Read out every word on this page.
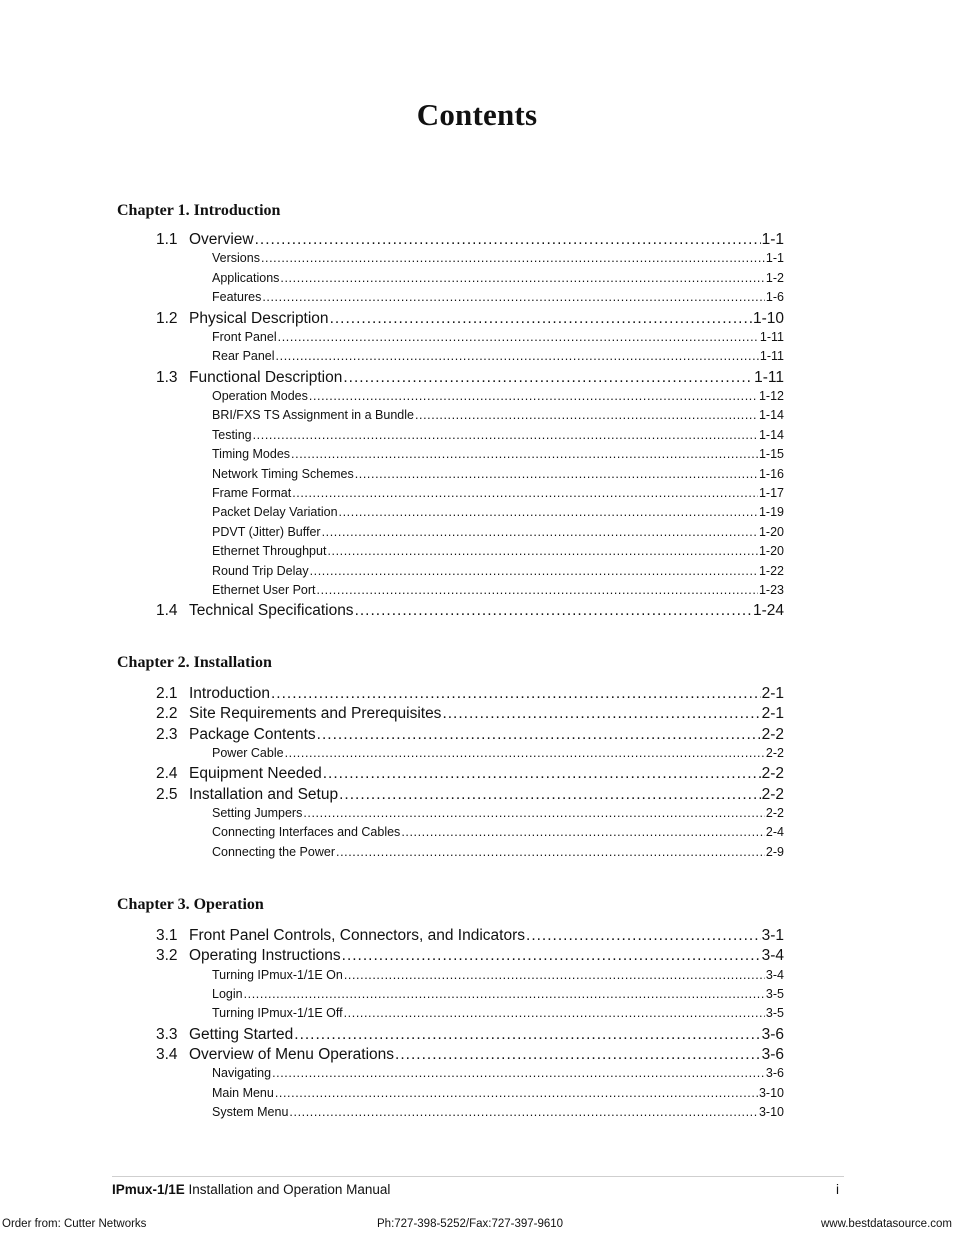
Contents
Chapter 1. Introduction
1.1 Overview .....	1-1
Versions .....	1-1
Applications .....	1-2
Features .....	1-6
1.2 Physical Description .....	1-10
Front Panel .....	1-11
Rear Panel .....	1-11
1.3 Functional Description .....	1-11
Operation Modes .....	1-12
BRI/FXS TS Assignment in a Bundle .....	1-14
Testing .....	1-14
Timing Modes .....	1-15
Network Timing Schemes .....	1-16
Frame Format .....	1-17
Packet Delay Variation .....	1-19
PDVT (Jitter) Buffer .....	1-20
Ethernet Throughput .....	1-20
Round Trip Delay .....	1-22
Ethernet User Port .....	1-23
1.4 Technical Specifications .....	1-24
Chapter 2. Installation
2.1 Introduction .....	2-1
2.2 Site Requirements and Prerequisites .....	2-1
2.3 Package Contents .....	2-2
Power Cable .....	2-2
2.4 Equipment Needed .....	2-2
2.5 Installation and Setup .....	2-2
Setting Jumpers .....	2-2
Connecting Interfaces and Cables .....	2-4
Connecting the Power .....	2-9
Chapter 3. Operation
3.1 Front Panel Controls, Connectors, and Indicators .....	3-1
3.2 Operating Instructions .....	3-4
Turning IPmux-1/1E On .....	3-4
Login .....	3-5
Turning IPmux-1/1E Off .....	3-5
3.3 Getting Started .....	3-6
3.4 Overview of Menu Operations .....	3-6
Navigating .....	3-6
Main Menu .....	3-10
System Menu .....	3-10
IPmux-1/1E Installation and Operation Manual	i
Order from: Cutter Networks	Ph:727-398-5252/Fax:727-397-9610	www.bestdatasource.com
